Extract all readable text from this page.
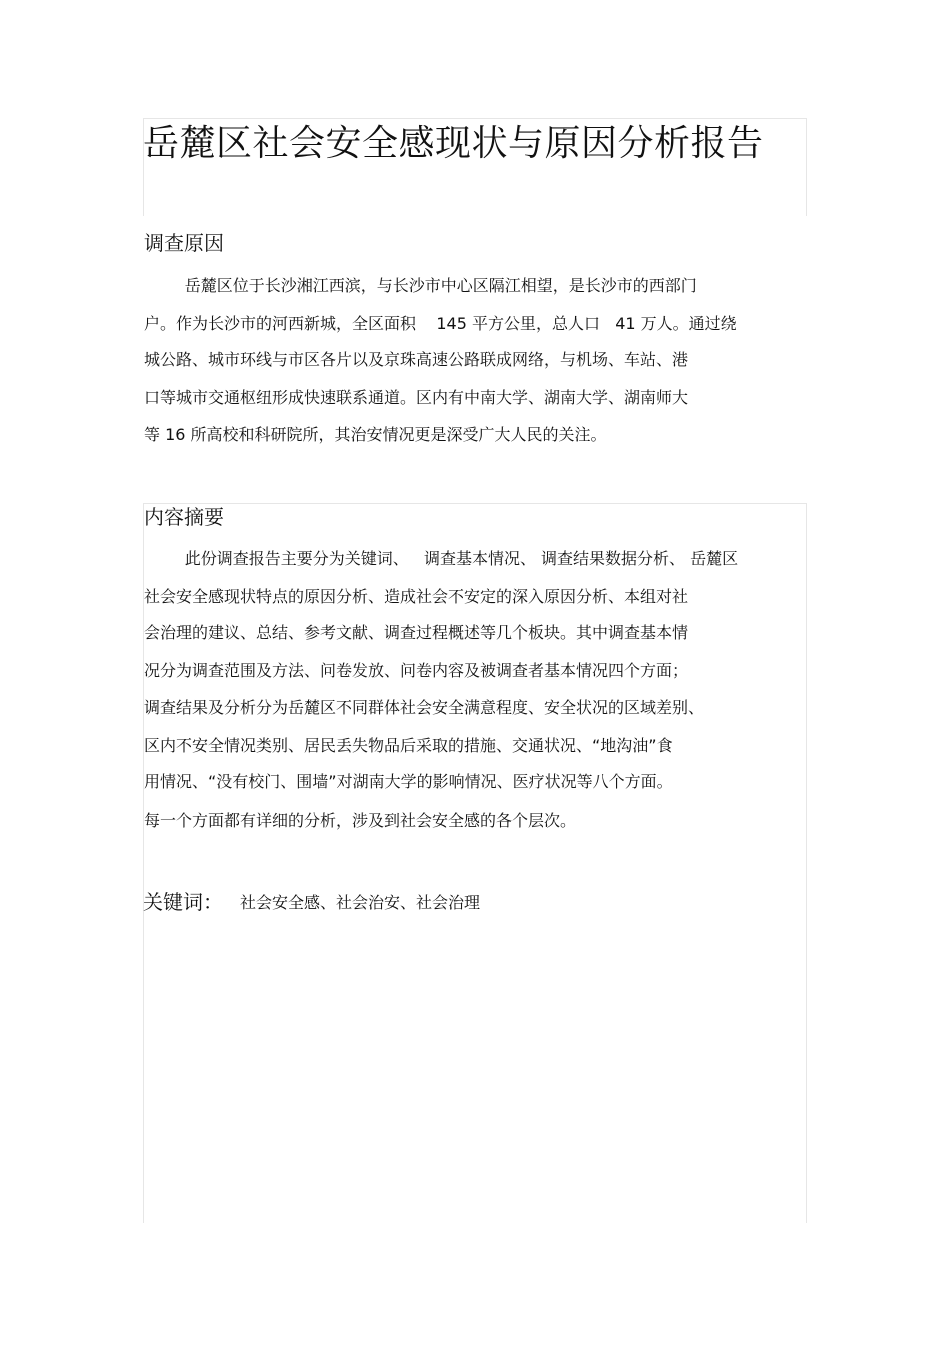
岳麓区社会安全感现状与原因分析报告
调查原因
岳麓区位于长沙湘江西滨，与长沙市中心区隔江相望，是长沙市的西部门
户。作为长沙市的河西新城，全区面积    145 平方公里，总人口   41 万人。通过绕
城公路、城市环线与市区各片以及京珠高速公路联成网络，与机场、车站、港
口等城市交通枢纽形成快速联系通道。区内有中南大学、湖南大学、湖南师大
等 16 所高校和科研院所，其治安情况更是深受广大人民的关注。
内容摘要
此份调查报告主要分为关键词、   调查基本情况、 调查结果数据分析、 岳麓区
社会安全感现状特点的原因分析、造成社会不安定的深入原因分析、本组对社
会治理的建议、总结、参考文献、调查过程概述等几个板块。其中调查基本情
况分为调查范围及方法、问卷发放、问卷内容及被调查者基本情况四个方面；
调查结果及分析分为岳麓区不同群体社会安全满意程度、安全状况的区域差别、
区内不安全情况类别、居民丢失物品后采取的措施、交通状况、“地沟油”食
用情况、“没有校门、围墙”对湖南大学的影响情况、医疗状况等八个方面。
每一个方面都有详细的分析，涉及到社会安全感的各个层次。
关键词： 社会安全感、社会治安、社会治理
